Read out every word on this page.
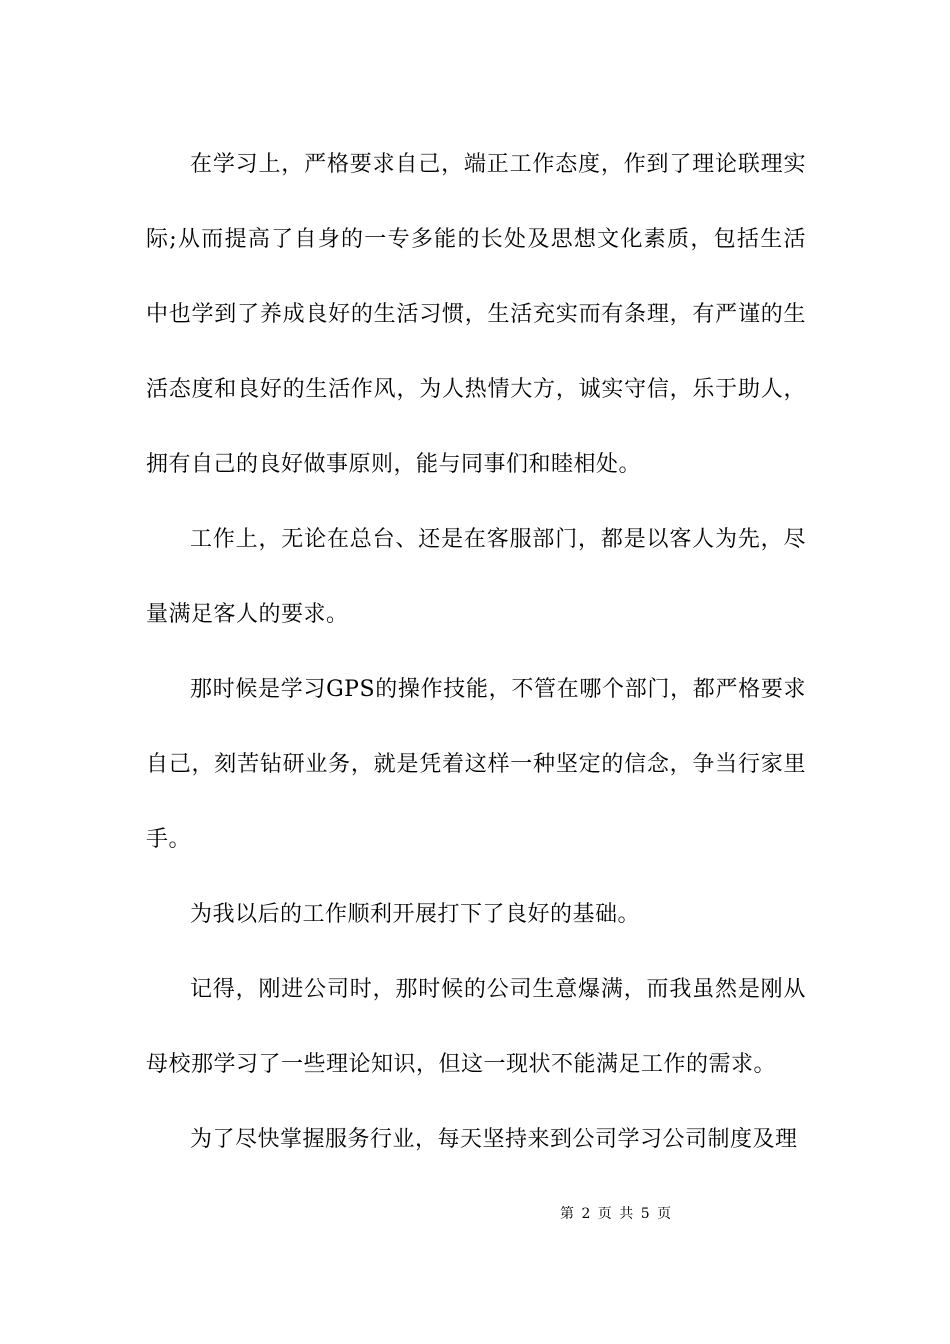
在学习上，严格要求自己，端正工作态度，作到了理论联理实际;从而提高了自身的一专多能的长处及思想文化素质，包括生活中也学到了养成良好的生活习惯，生活充实而有条理，有严谨的生活态度和良好的生活作风，为人热情大方，诚实守信，乐于助人，拥有自己的良好做事原则，能与同事们和睦相处。

工作上，无论在总台、还是在客服部门，都是以客人为先，尽量满足客人的要求。

那时候是学习GPS的操作技能，不管在哪个部门，都严格要求自己，刻苦钻研业务，就是凭着这样一种坚定的信念，争当行家里手。

为我以后的工作顺利开展打下了良好的基础。

记得，刚进公司时，那时候的公司生意爆满，而我虽然是刚从母校那学习了一些理论知识，但这一现状不能满足工作的需求。

为了尽快掌握服务行业，每天坚持来到公司学习公司制度及理

第 2 页 共 5 页
